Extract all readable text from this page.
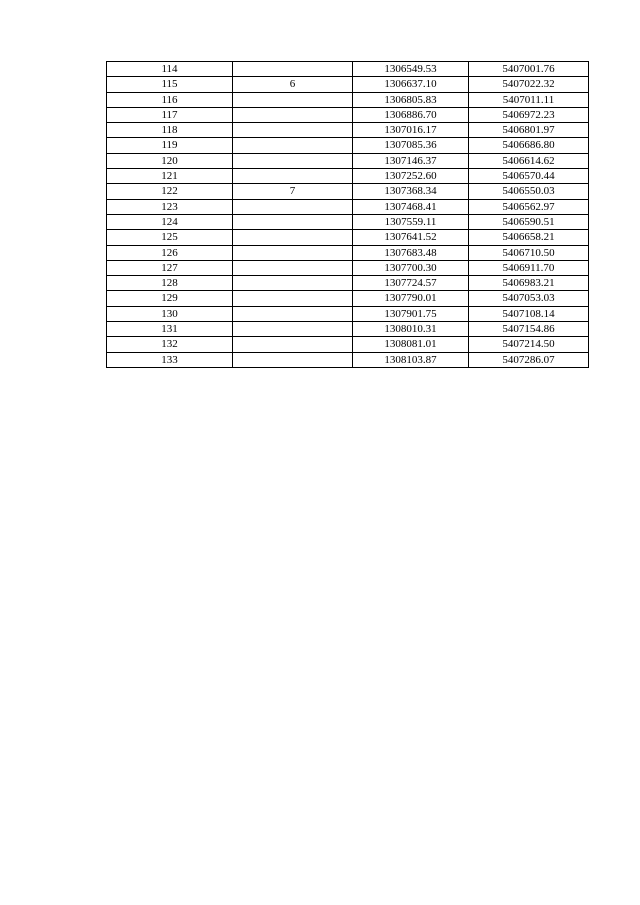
114		1306549.53	5407001.76
115	6	1306637.10	5407022.32
116		1306805.83	5407011.11
117		1306886.70	5406972.23
118		1307016.17	5406801.97
119		1307085.36	5406686.80
120		1307146.37	5406614.62
121		1307252.60	5406570.44
122	7	1307368.34	5406550.03
123		1307468.41	5406562.97
124		1307559.11	5406590.51
125		1307641.52	5406658.21
126		1307683.48	5406710.50
127		1307700.30	5406911.70
128		1307724.57	5406983.21
129		1307790.01	5407053.03
130		1307901.75	5407108.14
131		1308010.31	5407154.86
132		1308081.01	5407214.50
133		1308103.87	5407286.07
